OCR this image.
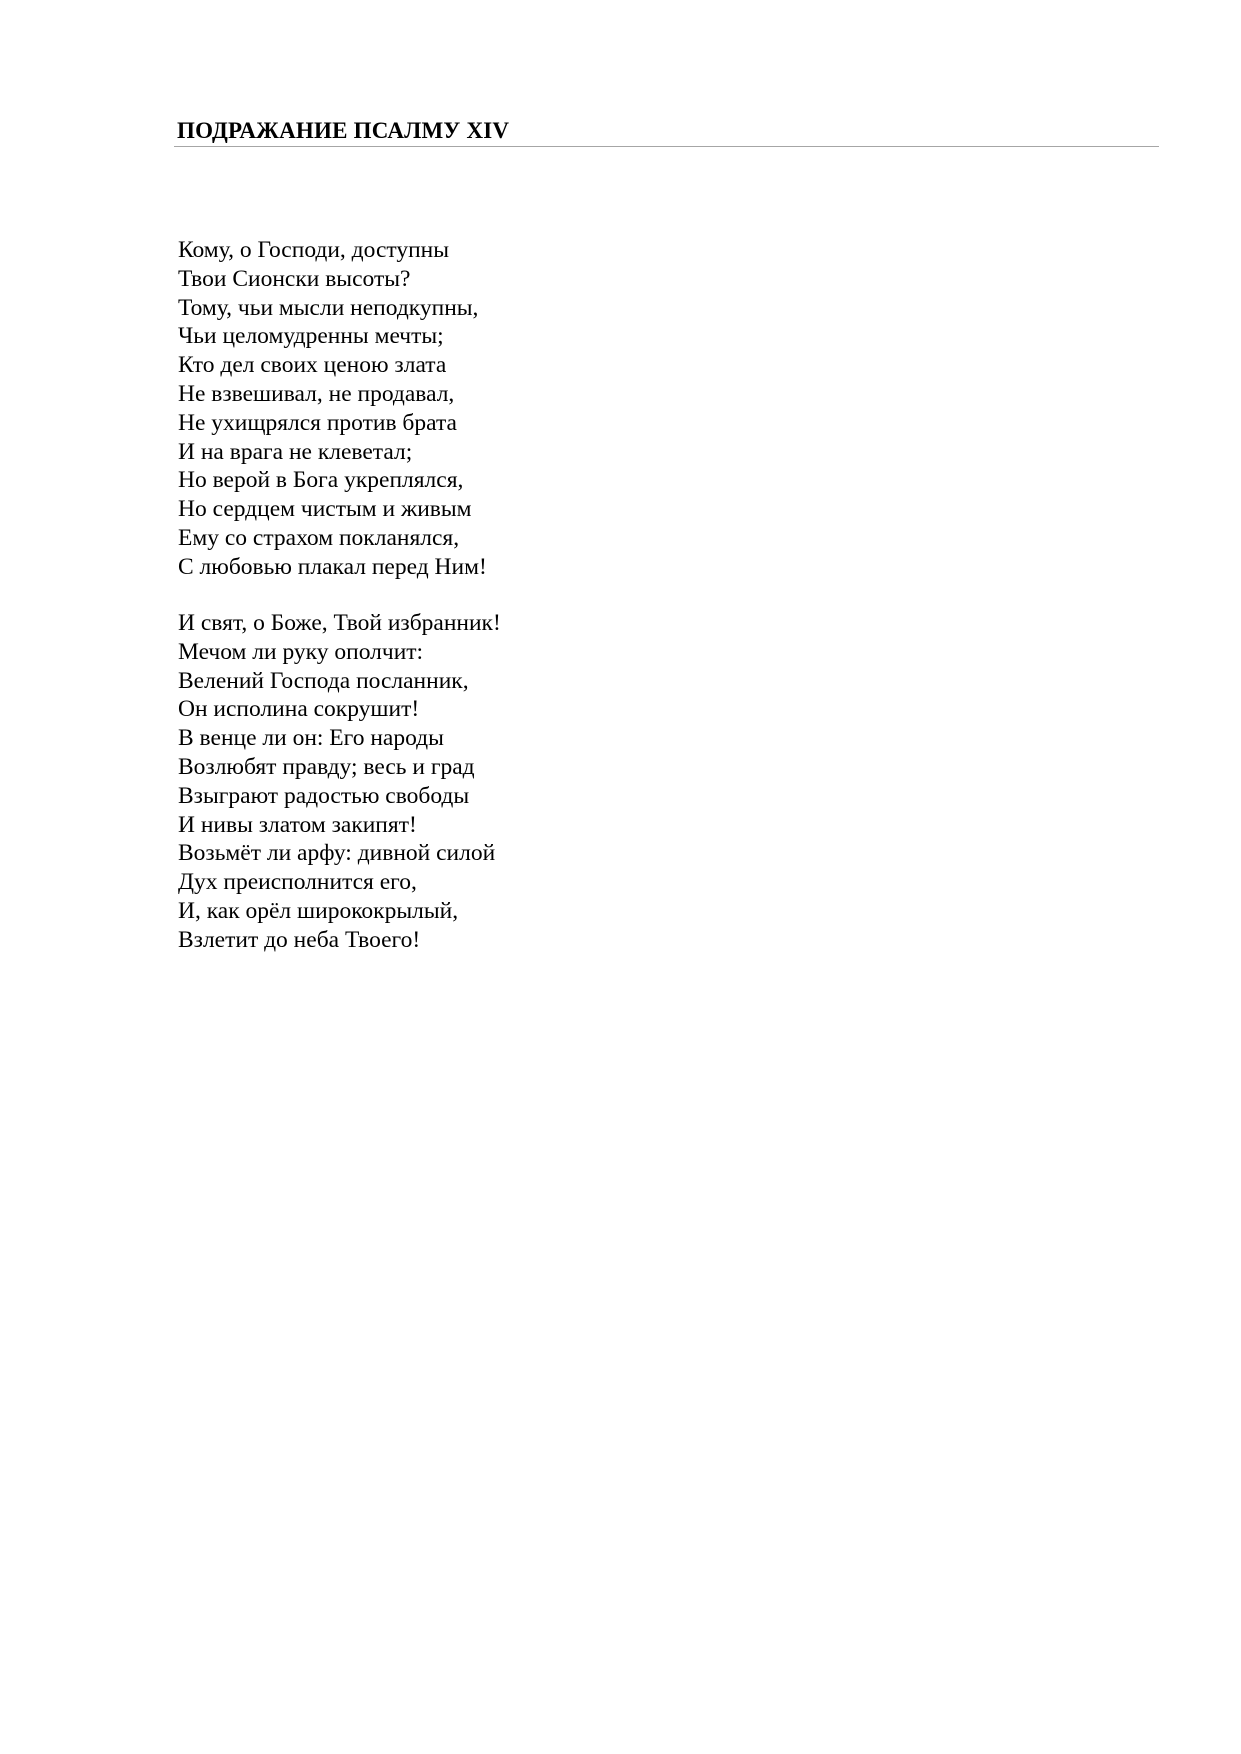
ПОДРАЖАНИЕ ПСАЛМУ XIV
Кому, о Господи, доступны
Твои Сионски высоты?
Тому, чьи мысли неподкупны,
Чьи целомудренны мечты;
Кто дел своих ценою злата
Не взвешивал, не продавал,
Не ухищрялся против брата
И на врага не клеветал;
Но верой в Бога укреплялся,
Но сердцем чистым и живым
Ему со страхом покланялся,
С любовью плакал перед Ним!
И свят, о Боже, Твой избранник!
Мечом ли руку ополчит:
Велений Господа посланник,
Он исполина сокрушит!
В венце ли он: Его народы
Возлюбят правду; весь и град
Взыграют радостью свободы
И нивы златом закипят!
Возьмёт ли арфу: дивной силой
Дух преисполнится его,
И, как орёл ширококрылый,
Взлетит до неба Твоего!
